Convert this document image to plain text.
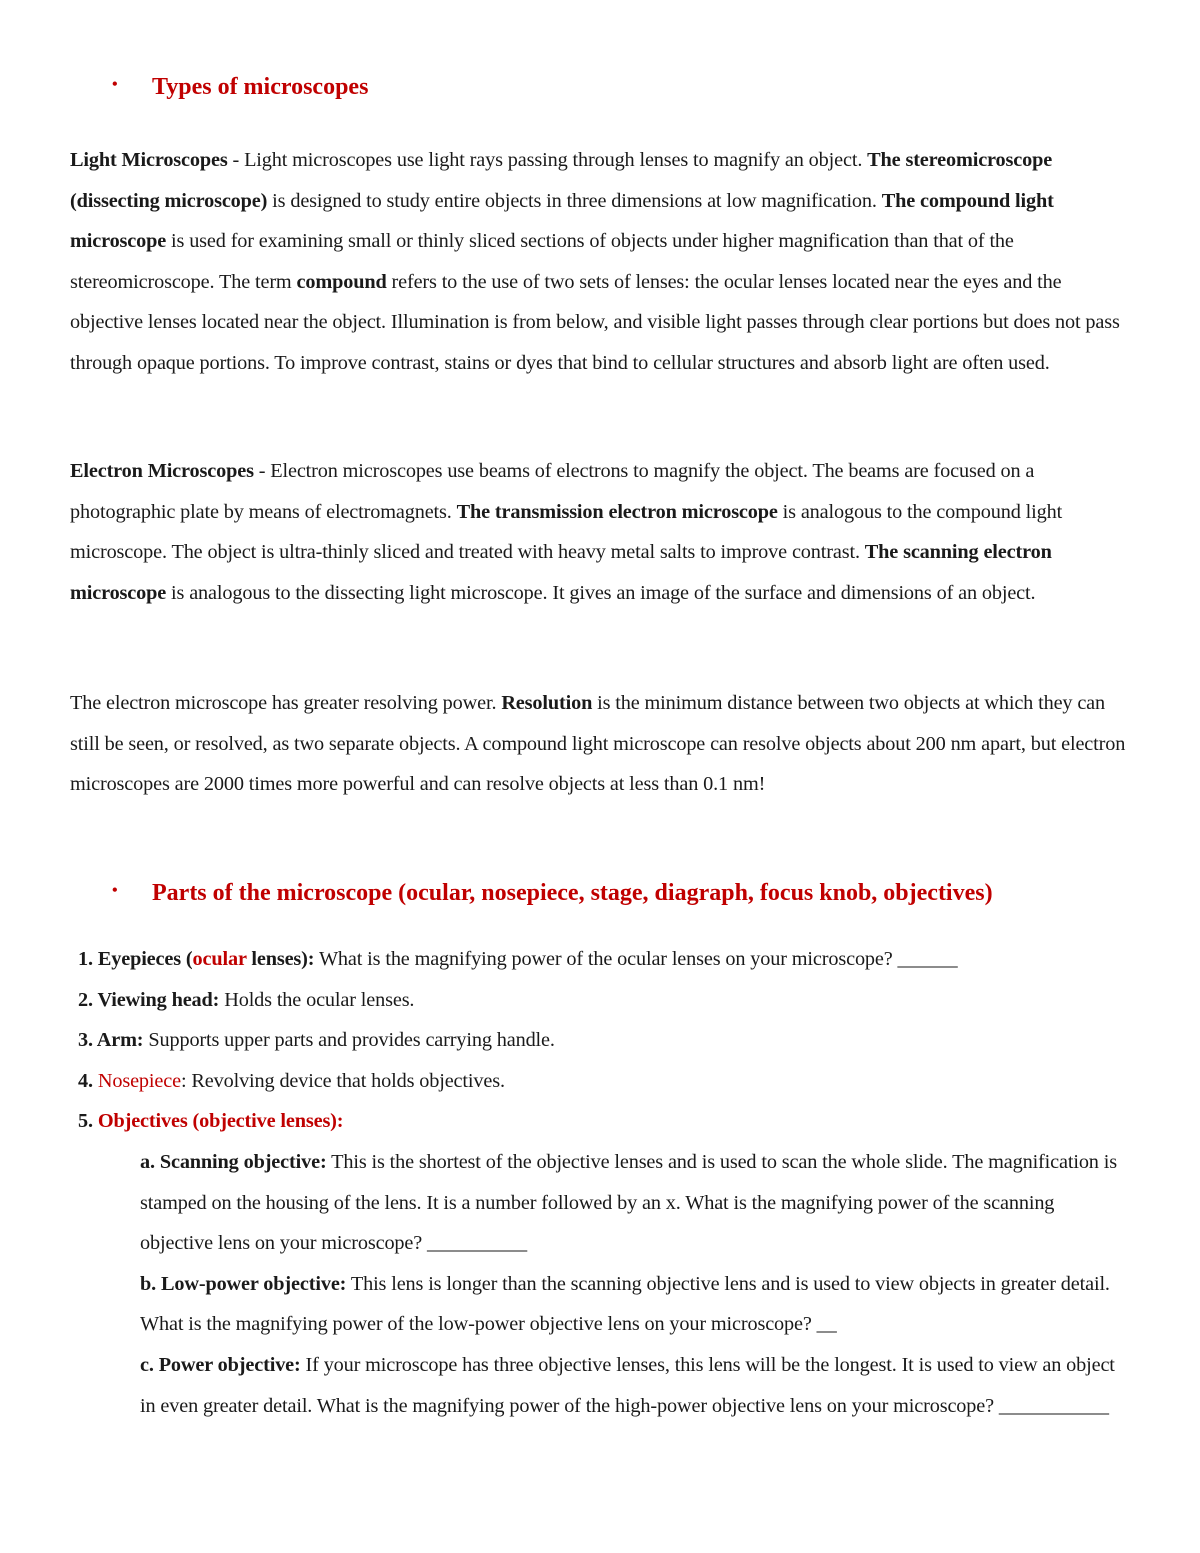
• Types of microscopes

Light Microscopes - Light microscopes use light rays passing through lenses to magnify an object. The stereomicroscope (dissecting microscope) is designed to study entire objects in three dimensions at low magnification. The compound light microscope is used for examining small or thinly sliced sections of objects under higher magnification than that of the stereomicroscope. The term compound refers to the use of two sets of lenses: the ocular lenses located near the eyes and the objective lenses located near the object. Illumination is from below, and visible light passes through clear portions but does not pass through opaque portions. To improve contrast, stains or dyes that bind to cellular structures and absorb light are often used.

Electron Microscopes - Electron microscopes use beams of electrons to magnify the object. The beams are focused on a photographic plate by means of electromagnets. The transmission electron microscope is analogous to the compound light microscope. The object is ultra-thinly sliced and treated with heavy metal salts to improve contrast. The scanning electron microscope is analogous to the dissecting light microscope. It gives an image of the surface and dimensions of an object.

The electron microscope has greater resolving power. Resolution is the minimum distance between two objects at which they can still be seen, or resolved, as two separate objects. A compound light microscope can resolve objects about 200 nm apart, but electron microscopes are 2000 times more powerful and can resolve objects at less than 0.1 nm!

• Parts of the microscope (ocular, nosepiece, stage, diagraph, focus knob, objectives)
1. Eyepieces (ocular lenses): What is the magnifying power of the ocular lenses on your microscope? ______
2. Viewing head: Holds the ocular lenses.
3. Arm: Supports upper parts and provides carrying handle.
4. Nosepiece: Revolving device that holds objectives.
5. Objectives (objective lenses):
a. Scanning objective: This is the shortest of the objective lenses and is used to scan the whole slide. The magnification is stamped on the housing of the lens. It is a number followed by an x. What is the magnifying power of the scanning objective lens on your microscope? __________
b. Low-power objective: This lens is longer than the scanning objective lens and is used to view objects in greater detail. What is the magnifying power of the low-power objective lens on your microscope? __
c. Power objective: If your microscope has three objective lenses, this lens will be the longest. It is used to view an object in even greater detail. What is the magnifying power of the high-power objective lens on your microscope? ___________
